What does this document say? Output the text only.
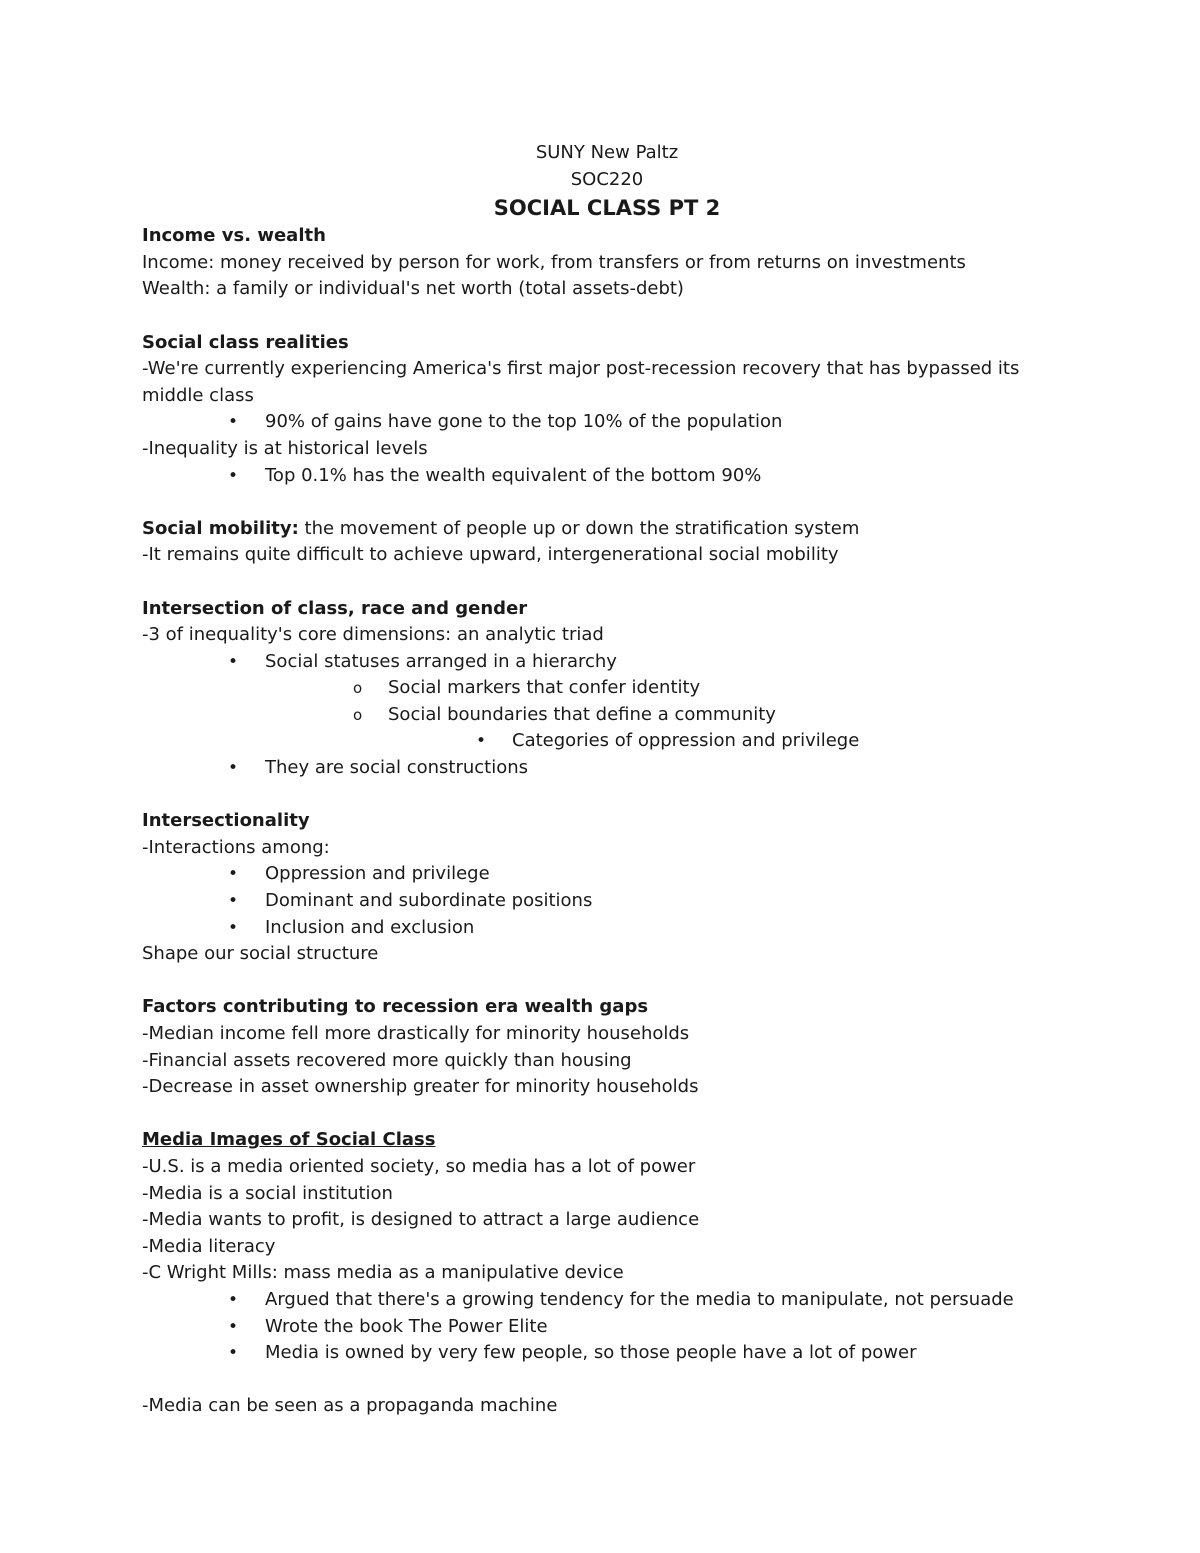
SUNY New Paltz
SOC220
SOCIAL CLASS PT 2
Income vs. wealth
Income: money received by person for work, from transfers or from returns on investments
Wealth: a family or individual's net worth (total assets-debt)
Social class realities
-We're currently experiencing America's first major post-recession recovery that has bypassed its middle class
• 90% of gains have gone to the top 10% of the population
-Inequality is at historical levels
• Top 0.1% has the wealth equivalent of the bottom 90%
Social mobility: the movement of people up or down the stratification system
-It remains quite difficult to achieve upward, intergenerational social mobility
Intersection of class, race and gender
-3 of inequality's core dimensions: an analytic triad
• Social statuses arranged in a hierarchy
o Social markers that confer identity
o Social boundaries that define a community
• Categories of oppression and privilege
• They are social constructions
Intersectionality
-Interactions among:
• Oppression and privilege
• Dominant and subordinate positions
• Inclusion and exclusion
Shape our social structure
Factors contributing to recession era wealth gaps
-Median income fell more drastically for minority households
-Financial assets recovered more quickly than housing
-Decrease in asset ownership greater for minority households
Media Images of Social Class
-U.S. is a media oriented society, so media has a lot of power
-Media is a social institution
-Media wants to profit, is designed to attract a large audience
-Media literacy
-C Wright Mills: mass media as a manipulative device
• Argued that there's a growing tendency for the media to manipulate, not persuade
• Wrote the book The Power Elite
• Media is owned by very few people, so those people have a lot of power
-Media can be seen as a propaganda machine
